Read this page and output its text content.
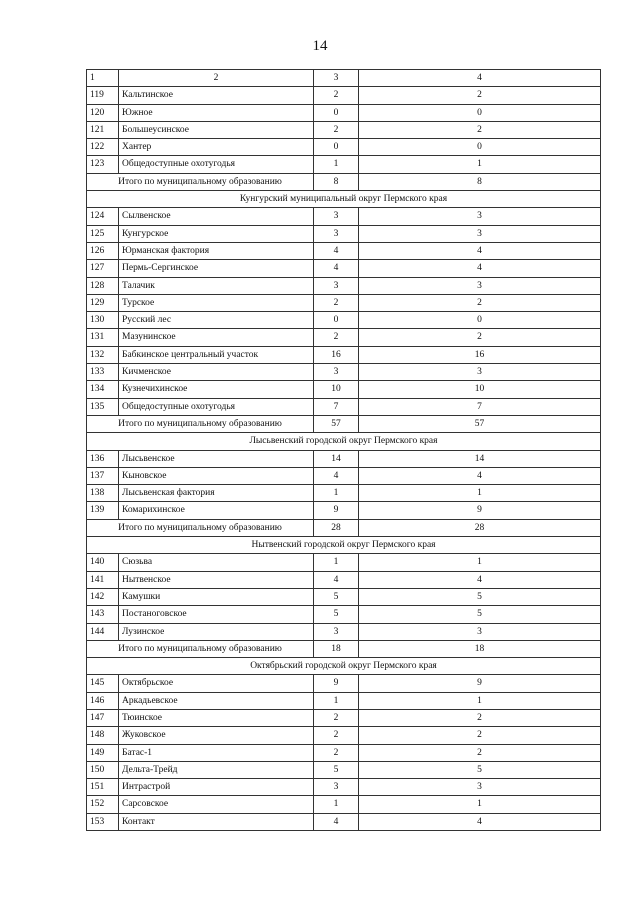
14
1	2	3	4
119	Кальтинское	2	2
120	Южное	0	0
121	Большеусинское	2	2
122	Хантер	0	0
123	Общедоступные охотугодья	1	1
Итого по муниципальному образованию		8	8
Кунгурский муниципальный округ Пермского края			
124	Сылвенское	3	3
125	Кунгурское	3	3
126	Юрманская фактория	4	4
127	Пермь-Сергинское	4	4
128	Талачик	3	3
129	Турское	2	2
130	Русский лес	0	0
131	Мазунинское	2	2
132	Бабкинское центральный участок	16	16
133	Кичменское	3	3
134	Кузнечихинское	10	10
135	Общедоступные охотугодья	7	7
Итого по муниципальному образованию		57	57
Лысьвенский городской округ Пермского края			
136	Лысьвенское	14	14
137	Кыновское	4	4
138	Лысьвенская фактория	1	1
139	Комарихинское	9	9
Итого по муниципальному образованию		28	28
Нытвенский городской округ Пермского края			
140	Сюзьва	1	1
141	Нытвенское	4	4
142	Камушки	5	5
143	Постаноговское	5	5
144	Лузинское	3	3
Итого по муниципальному образованию		18	18
Октябрьский городской округ Пермского края			
145	Октябрьское	9	9
146	Аркадьевское	1	1
147	Тюинское	2	2
148	Жуковское	2	2
149	Батас-1	2	2
150	Дельта-Трейд	5	5
151	Интрастрой	3	3
152	Сарсовское	1	1
153	Контакт	4	4
